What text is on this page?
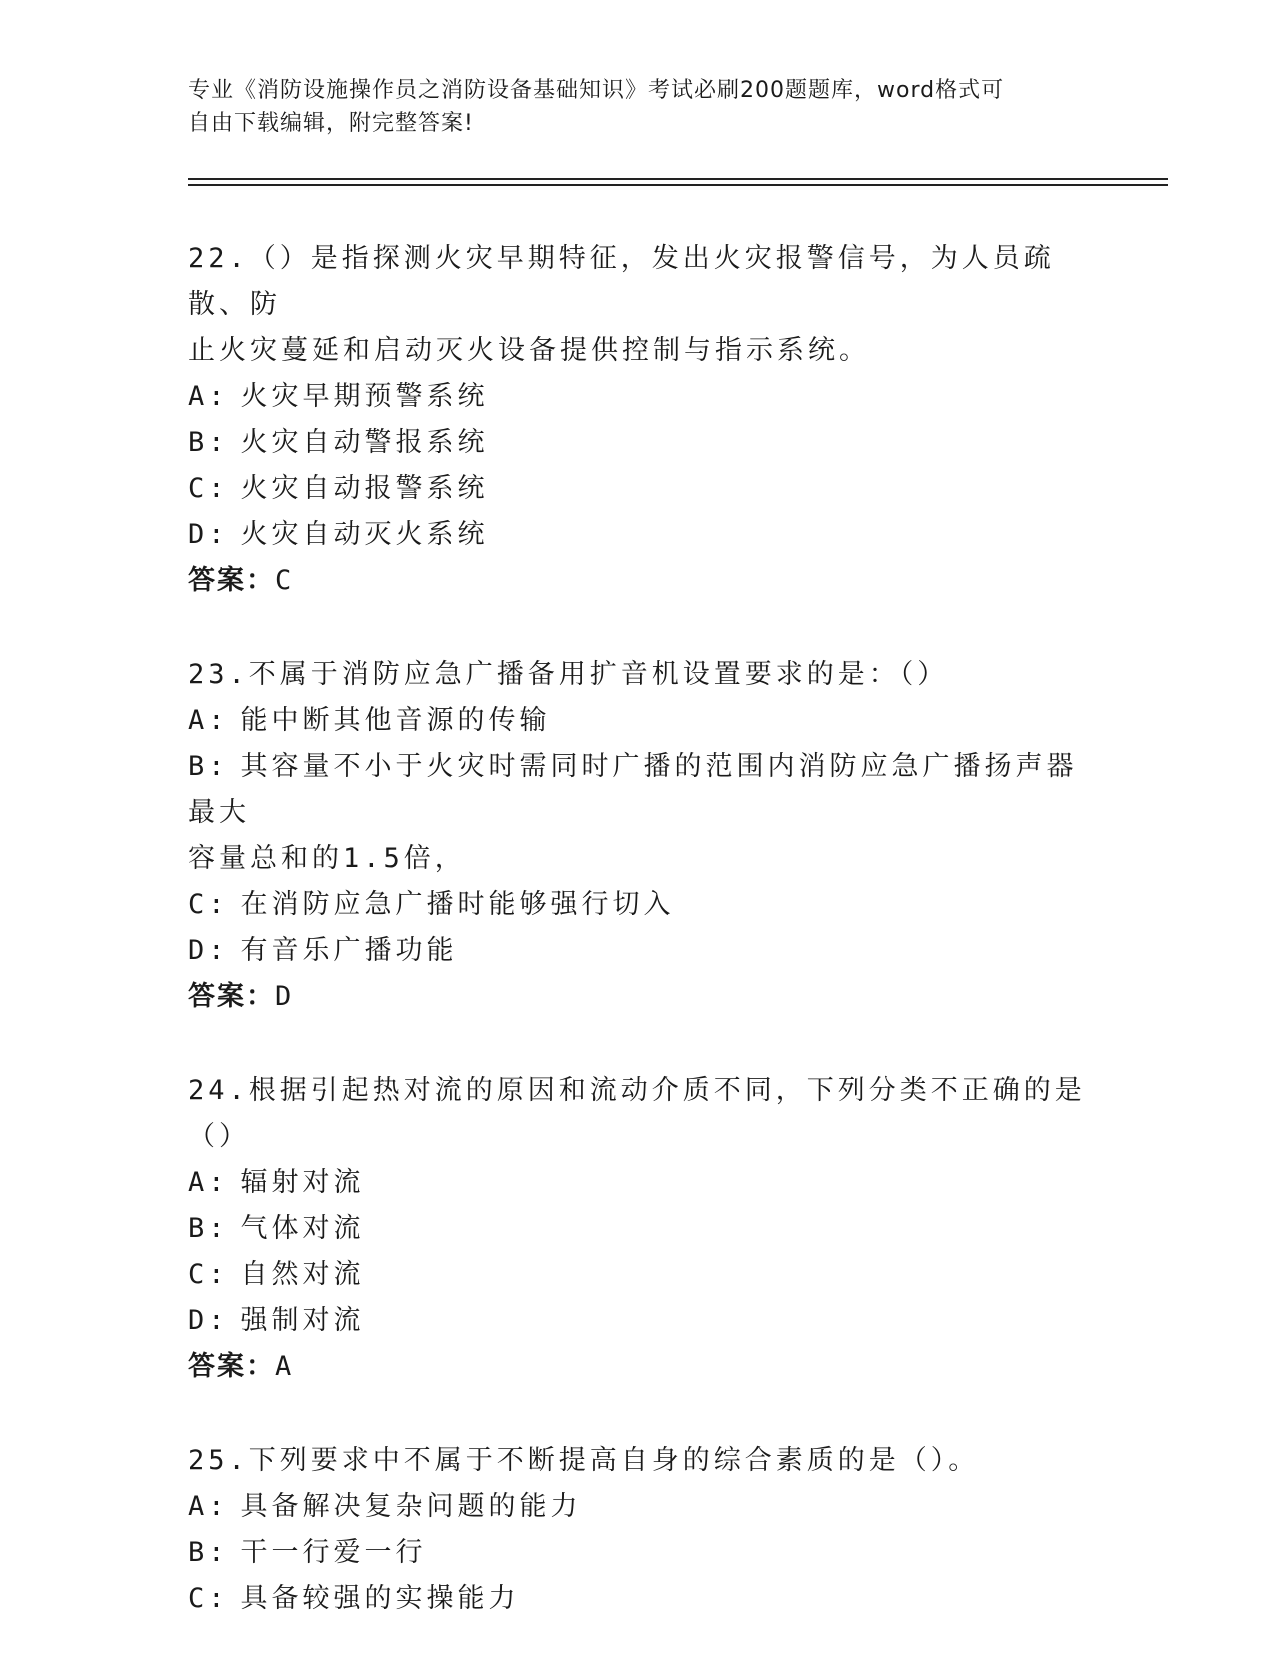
专业《消防设施操作员之消防设备基础知识》考试必刷200题题库，word格式可
自由下载编辑，附完整答案!
22.（）是指探测火灾早期特征，发出火灾报警信号，为人员疏散、防
止火灾蔓延和启动灭火设备提供控制与指示系统。
A: 火灾早期预警系统
B: 火灾自动警报系统
C: 火灾自动报警系统
D: 火灾自动灭火系统
答案：C
23.不属于消防应急广播备用扩音机设置要求的是：（）
A: 能中断其他音源的传输
B: 其容量不小于火灾时需同时广播的范围内消防应急广播扬声器最大
容量总和的1.5倍，
C: 在消防应急广播时能够强行切入
D: 有音乐广播功能
答案：D
24.根据引起热对流的原因和流动介质不同，下列分类不正确的是（）
A: 辐射对流
B: 气体对流
C: 自然对流
D: 强制对流
答案：A
25.下列要求中不属于不断提高自身的综合素质的是（）。
A: 具备解决复杂问题的能力
B: 干一行爱一行
C: 具备较强的实操能力
